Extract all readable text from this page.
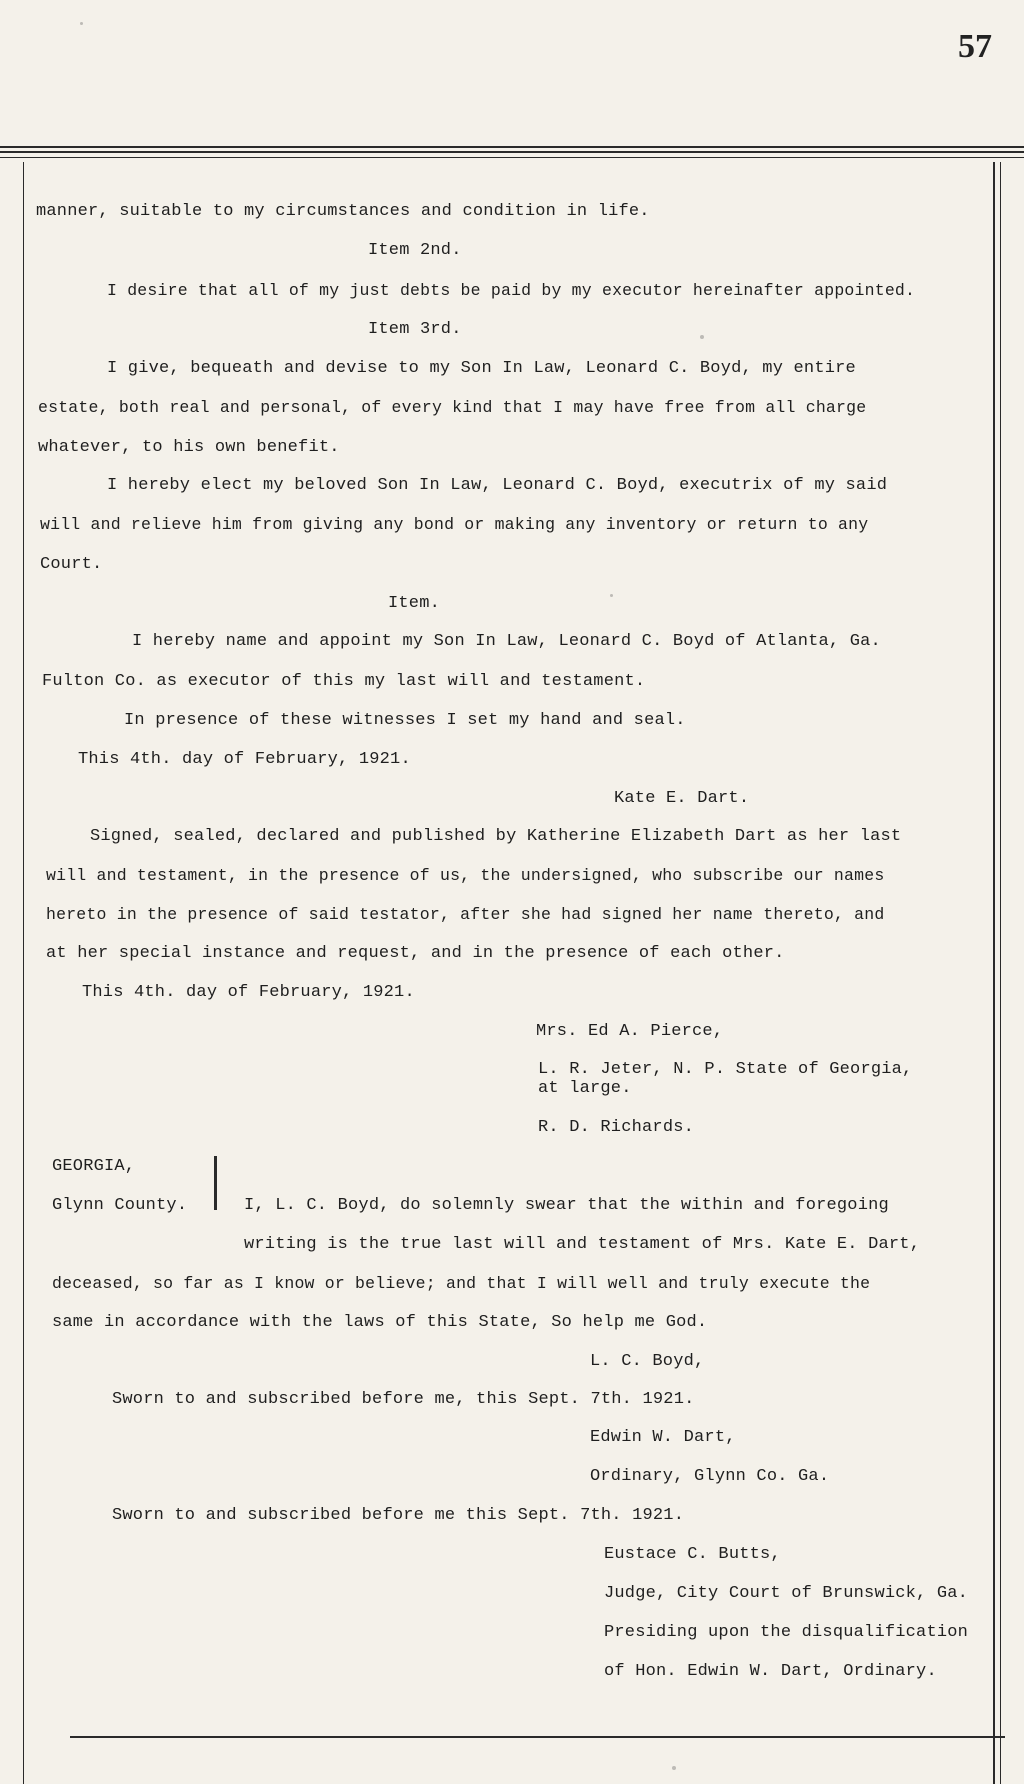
57
manner, suitable to my circumstances and condition in life.
Item 2nd.
I desire that all of my just debts be paid by my executor hereinafter appointed.
Item 3rd.
I give, bequeath and devise to my Son In Law, Leonard C. Boyd, my entire
estate, both real and personal, of every kind that I may have free from all charge
whatever, to his own benefit.
I hereby elect my beloved Son In Law, Leonard C. Boyd, executrix of my said
will and relieve him from giving any bond or making any inventory or return to any
Court.
Item.
I hereby name and appoint my Son In Law, Leonard C. Boyd of Atlanta, Ga.
Fulton Co. as executor of this my last will and testament.
In presence of these witnesses I set my hand and seal.
This 4th. day of February, 1921.
Kate E. Dart.
Signed, sealed, declared and published by Katherine Elizabeth Dart as her last
will and testament, in the presence of us, the undersigned, who subscribe our names
hereto in the presence of said testator, after she had signed her name thereto, and
at her special instance and request, and in the presence of each other.
This 4th. day of February, 1921.
Mrs. Ed A. Pierce,
L. R. Jeter, N. P. State of Georgia,
at large.
R. D. Richards.
GEORGIA,
Glynn County.	I, L. C. Boyd, do solemnly swear that the within and foregoing
writing is the true last will and testament of Mrs. Kate E. Dart,
deceased, so far as I know or believe; and that I will well and truly execute the
same in accordance with the laws of this State, So help me God.
L. C. Boyd,
Sworn to and subscribed before me, this Sept. 7th. 1921.
Edwin W. Dart,
Ordinary, Glynn Co. Ga.
Sworn to and subscribed before me this Sept. 7th. 1921.
Eustace C. Butts,
Judge, City Court of Brunswick, Ga.
Presiding upon the disqualification
of Hon. Edwin W. Dart, Ordinary.
